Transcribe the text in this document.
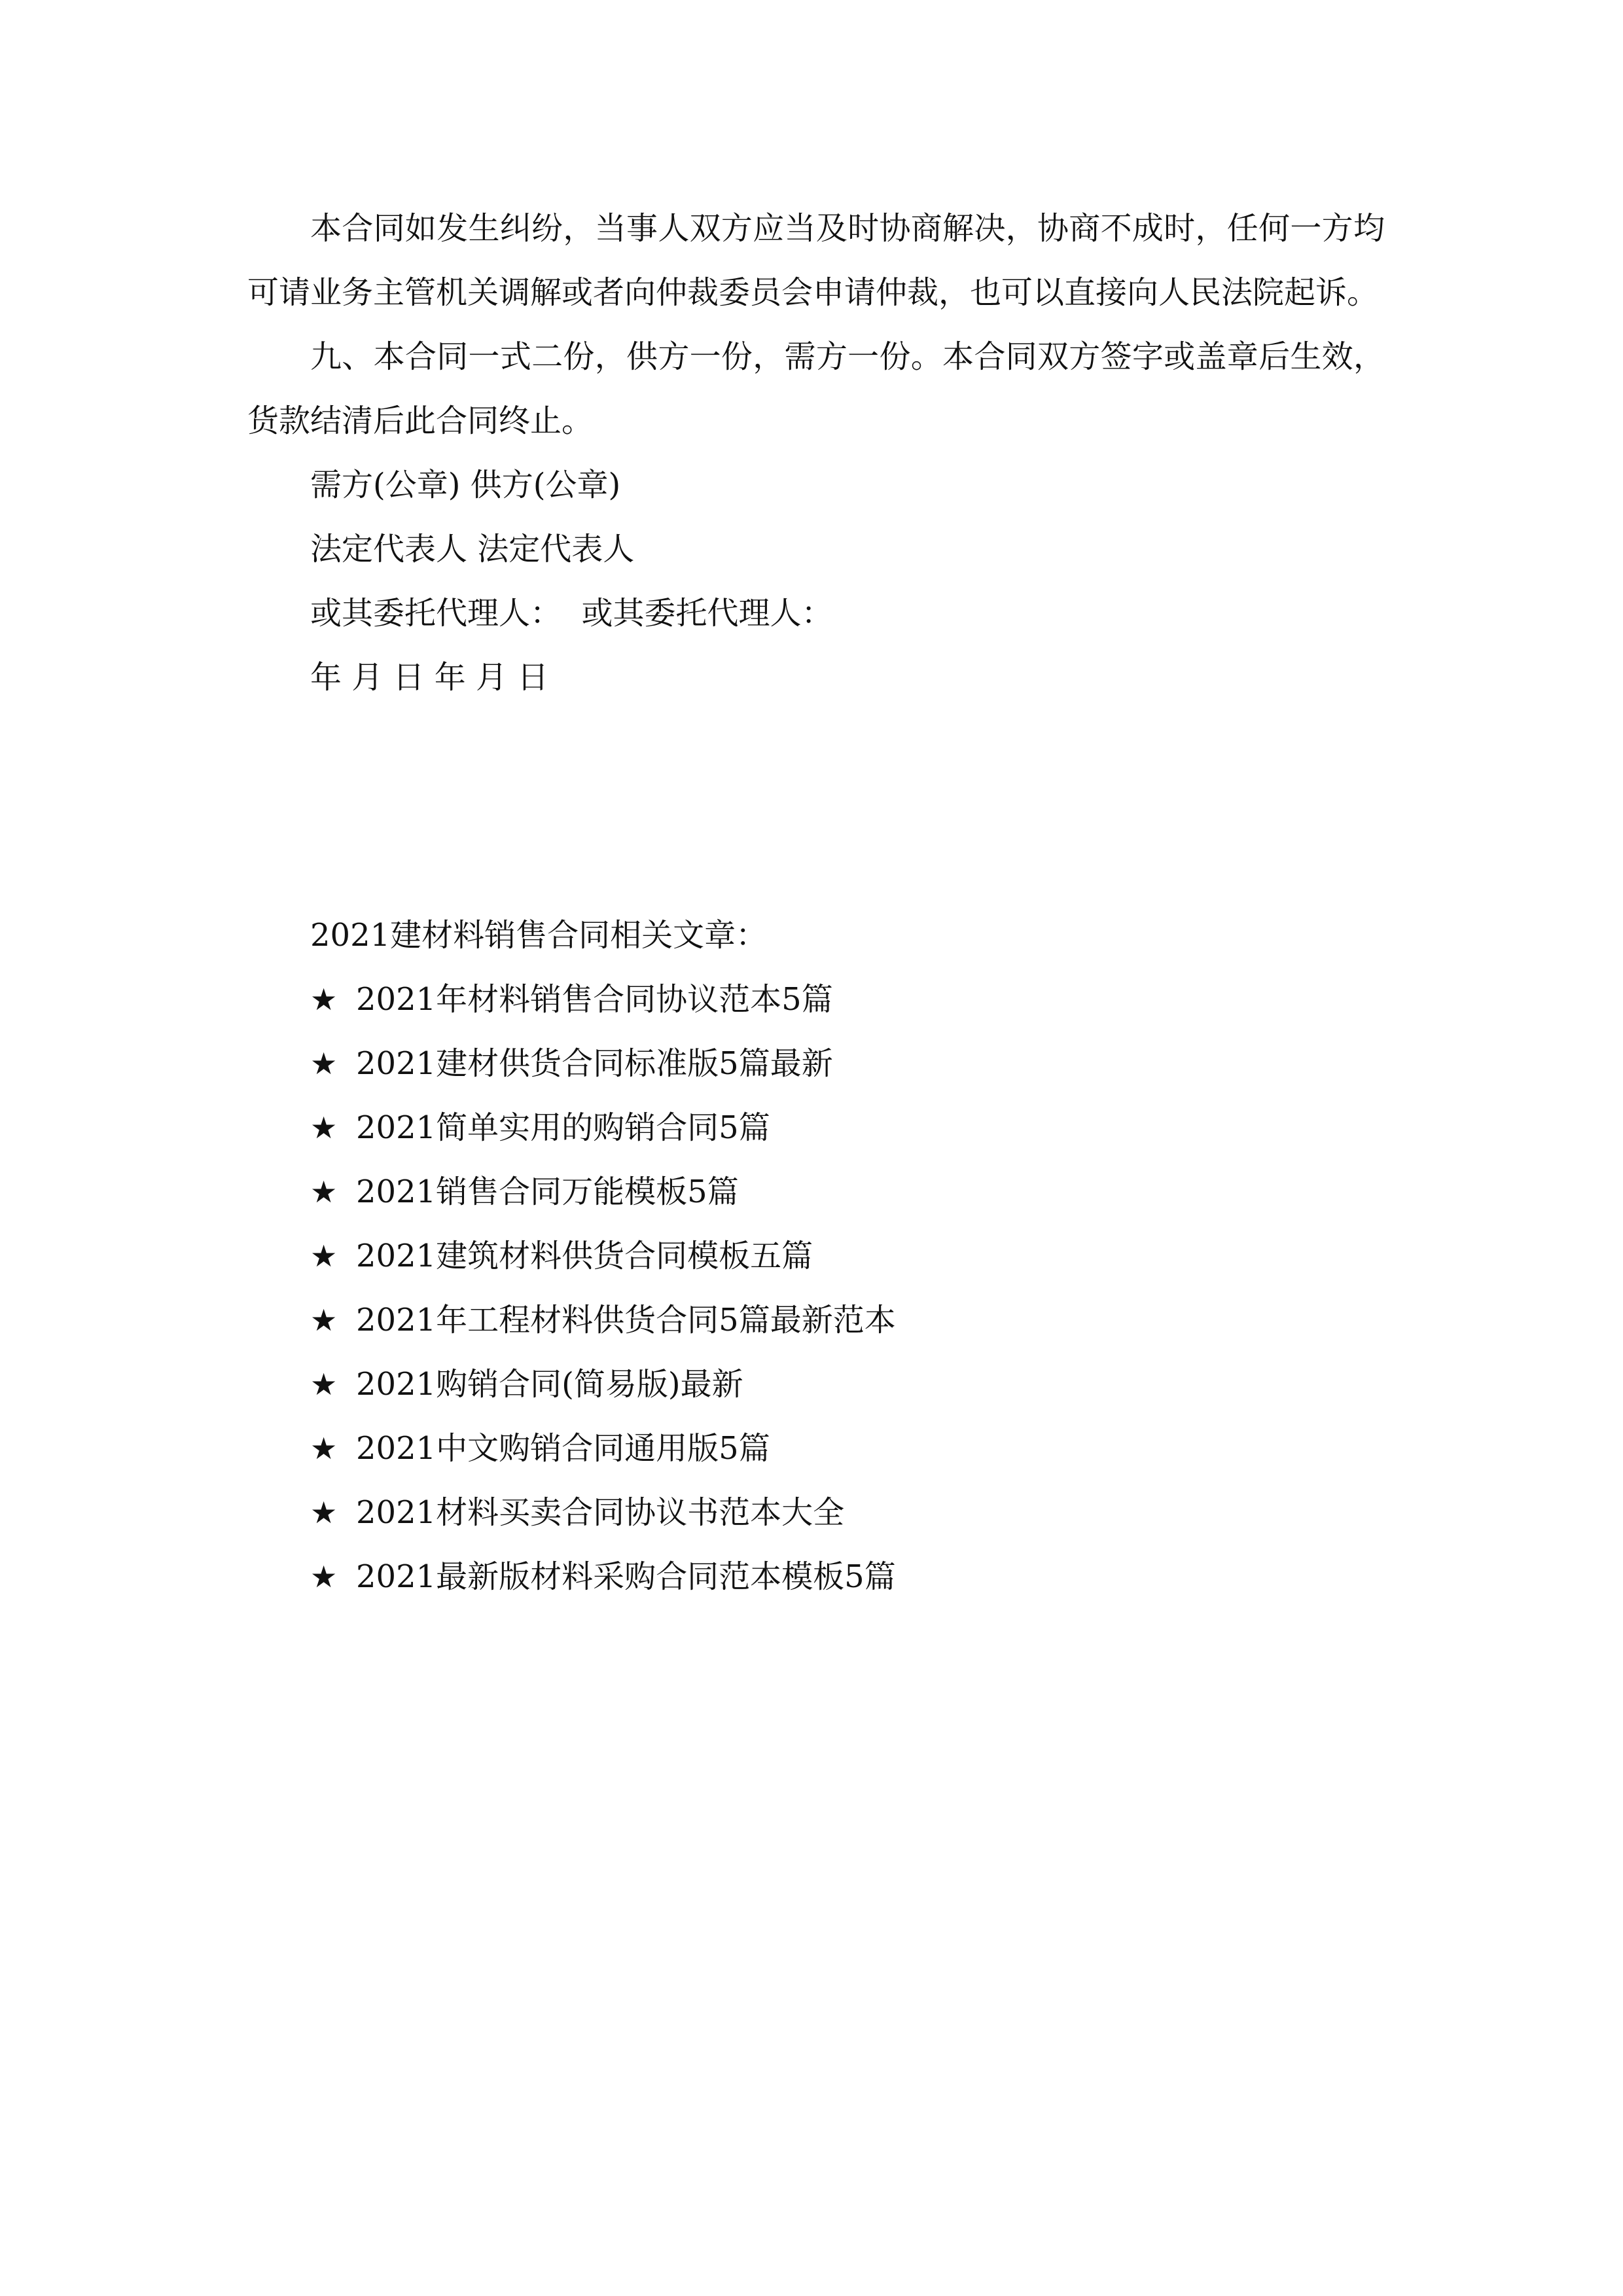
本合同如发生纠纷，当事人双方应当及时协商解决，协商不成时，任何一方均可请业务主管机关调解或者向仲裁委员会申请仲裁，也可以直接向人民法院起诉。

九、本合同一式二份，供方一份，需方一份。本合同双方签字或盖章后生效，货款结清后此合同终止。

需方(公章) 供方(公章)

法定代表人 法定代表人

或其委托代理人：  或其委托代理人：

年 月 日 年 月 日

2021建材料销售合同相关文章：

★ 2021年材料销售合同协议范本5篇
★ 2021建材供货合同标准版5篇最新
★ 2021简单实用的购销合同5篇
★ 2021销售合同万能模板5篇
★ 2021建筑材料供货合同模板五篇
★ 2021年工程材料供货合同5篇最新范本
★ 2021购销合同(简易版)最新
★ 2021中文购销合同通用版5篇
★ 2021材料买卖合同协议书范本大全
★ 2021最新版材料采购合同范本模板5篇
